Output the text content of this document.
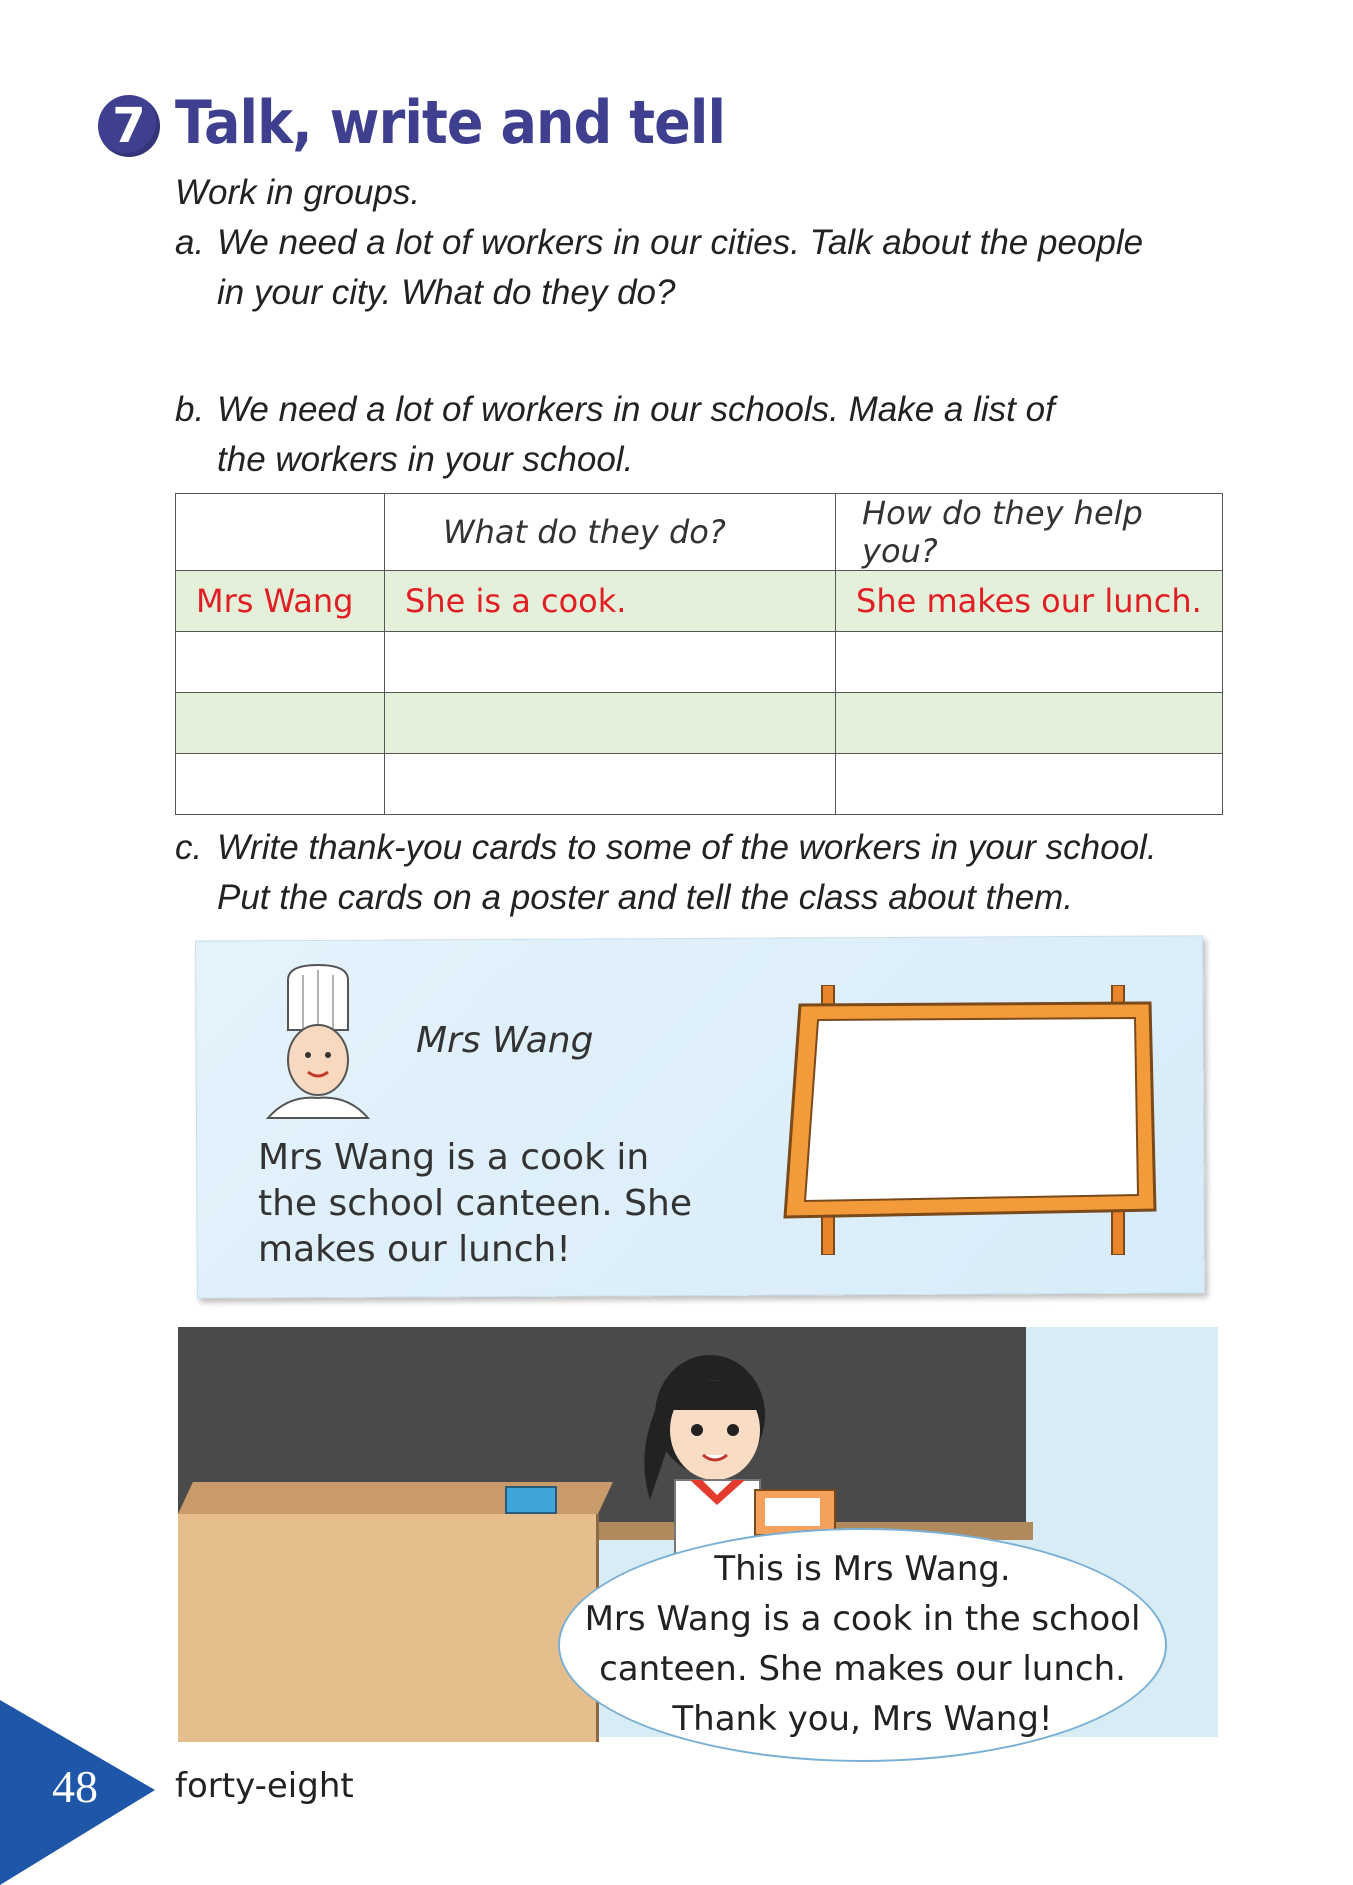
7 Talk, write and tell
Work in groups.
a. We need a lot of workers in our cities. Talk about the people
in your city. What do they do?
b. We need a lot of workers in our schools. Make a list of
the workers in your school.
	What do they do?	How do they help you?
Mrs Wang	She is a cook.	She makes our lunch.

c. Write thank-you cards to some of the workers in your school.
Put the cards on a poster and tell the class about them.
Mrs Wang
Mrs Wang is a cook in the school canteen. She makes our lunch!
This is Mrs Wang.
Mrs Wang is a cook in the school
canteen. She makes our lunch.
Thank you, Mrs Wang!
48 forty-eight
